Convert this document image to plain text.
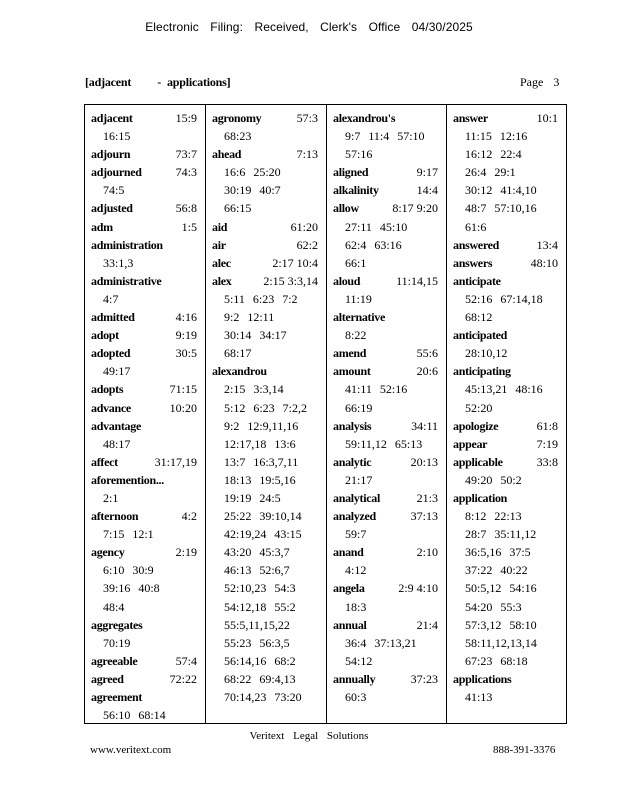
Electronic Filing: Received, Clerk's Office 04/30/2025
[adjacent - applications]	Page 3
adjacent	15:9
16:15
adjourn	73:7
adjourned	74:3
74:5
adjusted	56:8
adm	1:5
administration
33:1,3
administrative
4:7
admitted	4:16
adopt	9:19
adopted	30:5
49:17
adopts	71:15
advance	10:20
advantage
48:17
affect	31:17,19
aforemention...
2:1
afternoon	4:2
7:15 12:1
agency	2:19
6:10 30:9
39:16 40:8
48:4
aggregates
70:19
agreeable	57:4
agreed	72:22
agreement
56:10 68:14
agronomy	57:3
68:23
ahead	7:13
16:6 25:20
30:19 40:7
66:15
aid	61:20
air	62:2
alec	2:17 10:4
alex	2:15 3:3,14
5:11 6:23 7:2
9:2 12:11
30:14 34:17
68:17
alexandrou
2:15 3:3,14
5:12 6:23 7:2,2
9:2 12:9,11,16
12:17,18 13:6
13:7 16:3,7,11
18:13 19:5,16
19:19 24:5
25:22 39:10,14
42:19,24 43:15
43:20 45:3,7
46:13 52:6,7
52:10,23 54:3
54:12,18 55:2
55:5,11,15,22
55:23 56:3,5
56:14,16 68:2
68:22 69:4,13
70:14,23 73:20
alexandrou's
9:7 11:4 57:10
57:16
aligned	9:17
alkalinity	14:4
allow	8:17 9:20
27:11 45:10
62:4 63:16
66:1
aloud	11:14,15
11:19
alternative
8:22
amend	55:6
amount	20:6
41:11 52:16
66:19
analysis	34:11
59:11,12 65:13
analytic	20:13
21:17
analytical	21:3
analyzed	37:13
59:7
anand	2:10
4:12
angela	2:9 4:10
18:3
annual	21:4
36:4 37:13,21
54:12
annually	37:23
60:3
answer	10:1
11:15 12:16
16:12 22:4
26:4 29:1
30:12 41:4,10
48:7 57:10,16
61:6
answered	13:4
answers	48:10
anticipate
52:16 67:14,18
68:12
anticipated
28:10,12
anticipating
45:13,21 48:16
52:20
apologize	61:8
appear	7:19
applicable	33:8
49:20 50:2
application
8:12 22:13
28:7 35:11,12
36:5,16 37:5
37:22 40:22
50:5,12 54:16
54:20 55:3
57:3,12 58:10
58:11,12,13,14
67:23 68:18
applications
41:13
Veritext Legal Solutions
www.veritext.com	888-391-3376
